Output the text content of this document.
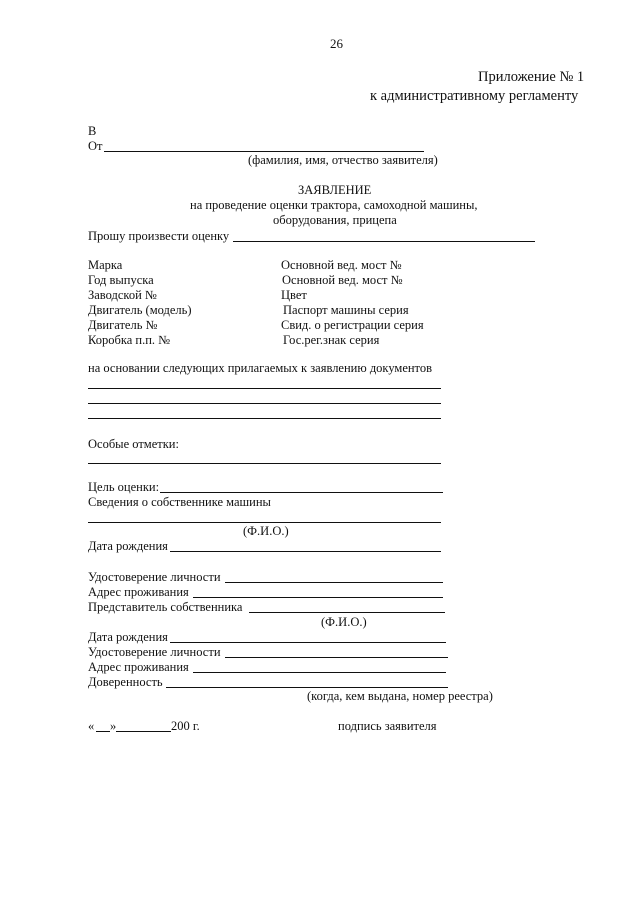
26
Приложение № 1
к административному регламенту
В
От
(фамилия, имя, отчество заявителя)
ЗАЯВЛЕНИЕ
на проведение оценки трактора, самоходной машины,
оборудования, прицепа
Прошу произвести оценку
Марка
Год выпуска
Заводской №
Двигатель (модель)
Двигатель №
Коробка п.п. №
Основной вед. мост №
Основной вед. мост №
Цвет
Паспорт машины серия
Свид. о регистрации серия
Гос.рег.знак серия
на основании следующих прилагаемых к заявлению документов
Особые отметки:
Цель оценки:
Сведения о собственнике машины
(Ф.И.О.)
Дата рождения
Удостоверение личности
Адрес проживания
Представитель собственника
(Ф.И.О.)
Дата рождения
Удостоверение личности
Адрес проживания
Доверенность
(когда, кем выдана, номер реестра)
« »	200 г.	подпись заявителя
